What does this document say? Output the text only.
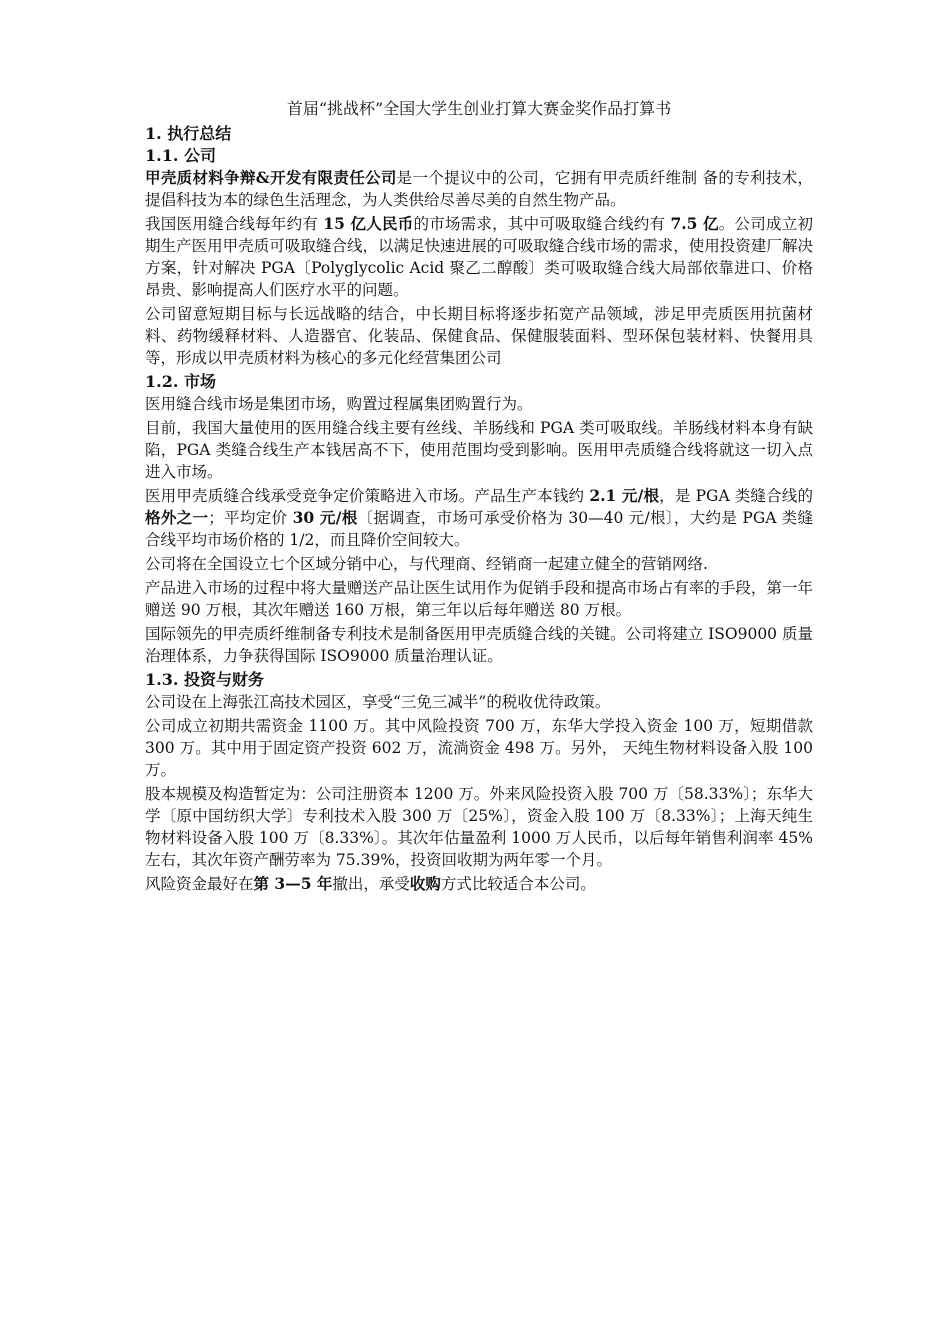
首届“挑战杯”全国大学生创业打算大赛金奖作品打算书

1. 执行总结

1.1. 公司

甲壳质材料争辩&开发有限责任公司是一个提议中的公司，它拥有甲壳质纤维制 备的专利技术，提倡科技为本的绿色生活理念，为人类供给尽善尽美的自然生物产品。

我国医用缝合线每年约有 15 亿人民币的市场需求，其中可吸取缝合线约有 7.5 亿。公司成立初期生产医用甲壳质可吸取缝合线，以满足快速进展的可吸取缝合线市场的需求，使用投资建厂解决方案，针对解决 PGA〔Polyglycolic Acid 聚乙二醇酸〕类可吸取缝合线大局部依靠进口、价格昂贵、影响提高人们医疗水平的问题。

公司留意短期目标与长远战略的结合，中长期目标将逐步拓宽产品领域，涉足甲壳质医用抗菌材料、药物缓释材料、人造器官、化装品、保健食品、保健服装面料、型环保包装材料、快餐用具等，形成以甲壳质材料为核心的多元化经营集团公司

1.2. 市场

医用缝合线市场是集团市场，购置过程属集团购置行为。

目前，我国大量使用的医用缝合线主要有丝线、羊肠线和 PGA 类可吸取线。羊肠线材料本身有缺陷，PGA 类缝合线生产本钱居高不下，使用范围均受到影响。医用甲壳质缝合线将就这一切入点进入市场。

医用甲壳质缝合线承受竞争定价策略进入市场。产品生产本钱约 2.1 元/根，是 PGA 类缝合线的格外之一；平均定价 30 元/根〔据调查，市场可承受价格为 30—40 元/根〕，大约是 PGA 类缝合线平均市场价格的 1/2，而且降价空间较大。

公司将在全国设立七个区域分销中心，与代理商、经销商一起建立健全的营销网络.

产品进入市场的过程中将大量赠送产品让医生试用作为促销手段和提高市场占有率的手段，第一年赠送 90 万根，其次年赠送 160 万根，第三年以后每年赠送 80 万根。

国际领先的甲壳质纤维制备专利技术是制备医用甲壳质缝合线的关键。公司将建立 ISO9000 质量治理体系，力争获得国际 ISO9000 质量治理认证。

1.3. 投资与财务

公司设在上海张江高技术园区，享受“三免三减半”的税收优待政策。

公司成立初期共需资金 1100 万。其中风险投资 700 万，东华大学投入资金 100 万，短期借款 300 万。其中用于固定资产投资 602 万，流淌资金 498 万。另外， 天纯生物材料设备入股 100 万。

股本规模及构造暂定为：公司注册资本 1200 万。外来风险投资入股 700 万〔58.33%〕；东华大学〔原中国纺织大学〕专利技术入股 300 万〔25%〕，资金入股 100 万〔8.33%〕；上海天纯生物材料设备入股 100 万〔8.33%〕。其次年估量盈利 1000 万人民币，以后每年销售利润率 45%左右，其次年资产酬劳率为 75.39%，投资回收期为两年零一个月。

风险资金最好在第 3—5 年撤出，承受收购方式比较适合本公司。
